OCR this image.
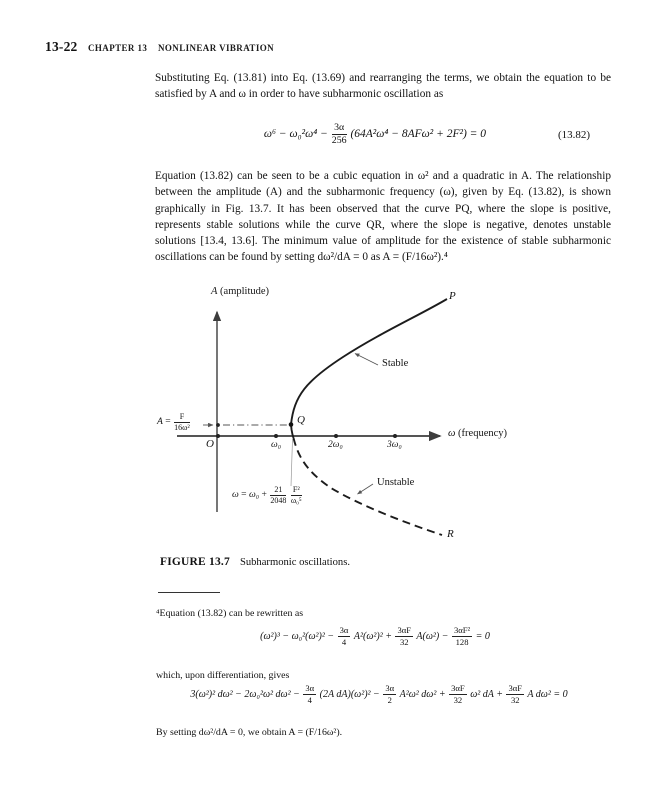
13-22 CHAPTER 13 NONLINEAR VIBRATION

Substituting Eq. (13.81) into Eq. (13.69) and rearranging the terms, we obtain the equation to be satisfied by A and ω in order to have subharmonic oscillation as

$\omega^6 - \omega_0^2\omega^4 - \frac{3\alpha}{256} (64A^2\omega^4 - 8AF\omega^2 + 2F^2) = 0$	(13.82)

Equation (13.82) can be seen to be a cubic equation in ω² and a quadratic in A. The relationship between the amplitude (A) and the subharmonic frequency (ω), given by Eq. (13.82), is shown graphically in Fig. 13.7. It has been observed that the curve PQ, where the slope is positive, represents stable solutions while the curve QR, where the slope is negative, denotes unstable solutions [13.4, 13.6]. The minimum value of amplitude for the existence of stable subharmonic oscillations can be found by setting dω²/dA = 0 as A = (F/16ω²).⁴

A (amplitude)
ω (frequency)
P
Q
R
O
Stable
Unstable
ω₀	2ω₀	3ω₀
$A = \frac{F}{\text{16ω²}}$
$\omega = \omega_0 + \frac{21}{2048}$
$\frac{\text{F²}}{\text{ω₀⁵}}$
FIGURE 13.7 Subharmonic oscillations.

⁴Equation (13.82) can be rewritten as

$(\omega^2)^3 - \omega_0^2(\omega^2)^2 - \frac{3\alpha}{4} A^2(\omega^2)^2 + \frac{3\alpha F}{32} A(\omega^2) - \frac{\text{3αF²}}{128} = 0$

which, upon differentiation, gives

3(ω²)² dω² − 2ω₀²ω² $d\omega^2 - \frac{3\alpha}{4} (2A$ $dA)(\omega^2)^2 - \frac{3\alpha}{2} A^2\omega^2$ $d\omega^2 + \frac{3\alpha F}{32} \omega^2$ dA + $\frac{3\alpha F}{32}$ A dω² = 0

By setting dω²/dA = 0, we obtain A = (F/16ω²).
